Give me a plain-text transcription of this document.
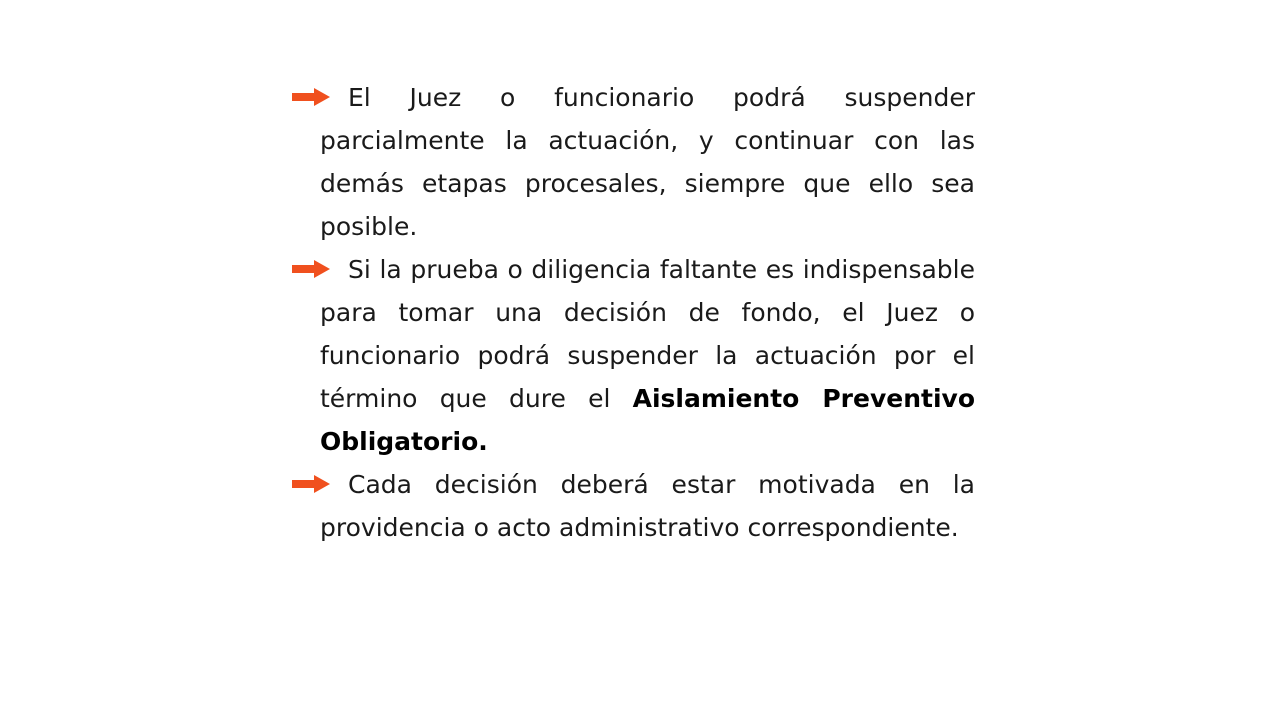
El Juez o funcionario podrá suspender parcialmente la actuación, y continuar con las demás etapas procesales, siempre que ello sea posible.
Si la prueba o diligencia faltante es indispensable para tomar una decisión de fondo, el Juez o funcionario podrá suspender la actuación por el término que dure el Aislamiento Preventivo Obligatorio.
Cada decisión deberá estar motivada en la providencia o acto administrativo correspondiente.
